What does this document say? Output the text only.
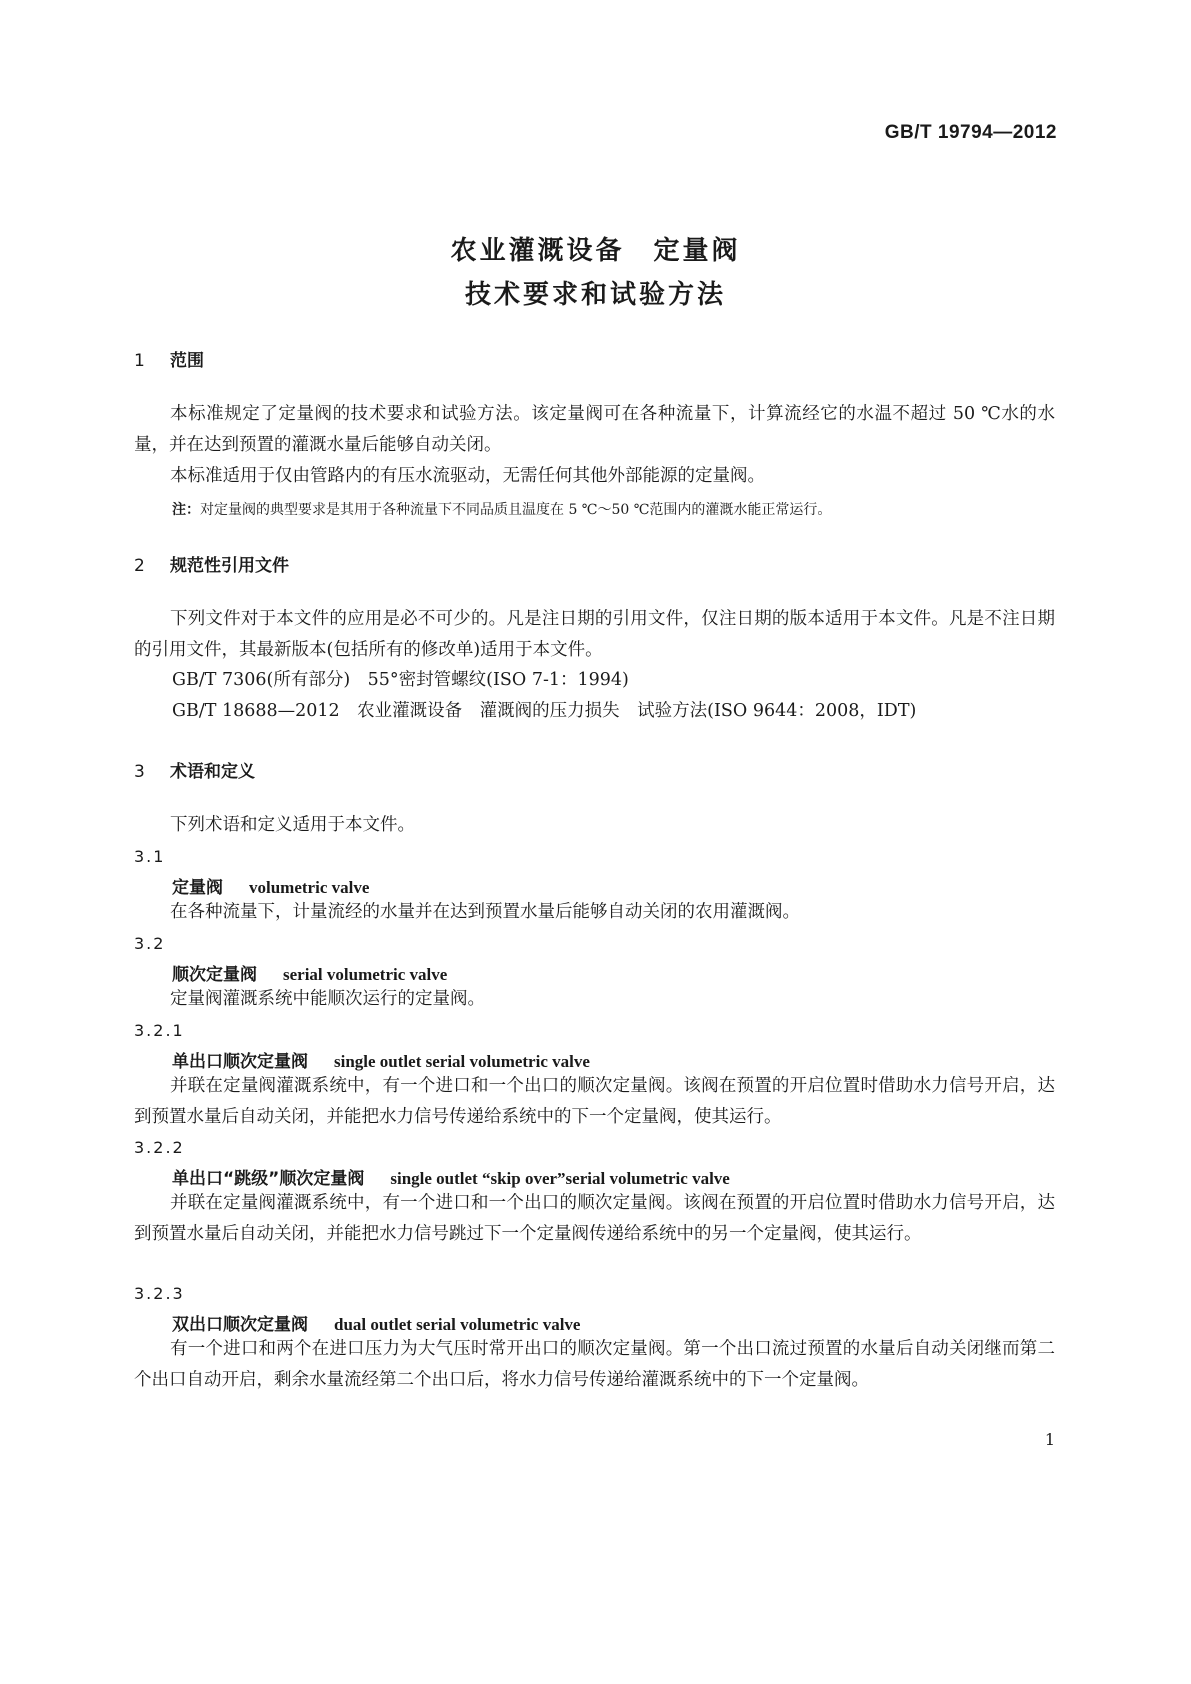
GB/T 19794—2012
农业灌溉设备　定量阀
技术要求和试验方法
1 范围
本标准规定了定量阀的技术要求和试验方法。该定量阀可在各种流量下，计算流经它的水温不超过 50 ℃水的水量，并在达到预置的灌溉水量后能够自动关闭。
本标准适用于仅由管路内的有压水流驱动，无需任何其他外部能源的定量阀。
注：对定量阀的典型要求是其用于各种流量下不同品质且温度在 5 ℃～50 ℃范围内的灌溉水能正常运行。
2 规范性引用文件
下列文件对于本文件的应用是必不可少的。凡是注日期的引用文件，仅注日期的版本适用于本文件。凡是不注日期的引用文件，其最新版本(包括所有的修改单)适用于本文件。
GB/T 7306(所有部分)　55°密封管螺纹(ISO 7-1：1994)
GB/T 18688—2012　农业灌溉设备　灌溉阀的压力损失　试验方法(ISO 9644：2008，IDT)
3 术语和定义
下列术语和定义适用于本文件。
3.1
定量阀 volumetric valve
在各种流量下，计量流经的水量并在达到预置水量后能够自动关闭的农用灌溉阀。
3.2
顺次定量阀 serial volumetric valve
定量阀灌溉系统中能顺次运行的定量阀。
3.2.1
单出口顺次定量阀 single outlet serial volumetric valve
并联在定量阀灌溉系统中，有一个进口和一个出口的顺次定量阀。该阀在预置的开启位置时借助水力信号开启，达到预置水量后自动关闭，并能把水力信号传递给系统中的下一个定量阀，使其运行。
3.2.2
单出口“跳级”顺次定量阀 single outlet “skip over”serial volumetric valve
并联在定量阀灌溉系统中，有一个进口和一个出口的顺次定量阀。该阀在预置的开启位置时借助水力信号开启，达到预置水量后自动关闭，并能把水力信号跳过下一个定量阀传递给系统中的另一个定量阀，使其运行。
3.2.3
双出口顺次定量阀 dual outlet serial volumetric valve
有一个进口和两个在进口压力为大气压时常开出口的顺次定量阀。第一个出口流过预置的水量后自动关闭继而第二个出口自动开启，剩余水量流经第二个出口后，将水力信号传递给灌溉系统中的下一个定量阀。
1
